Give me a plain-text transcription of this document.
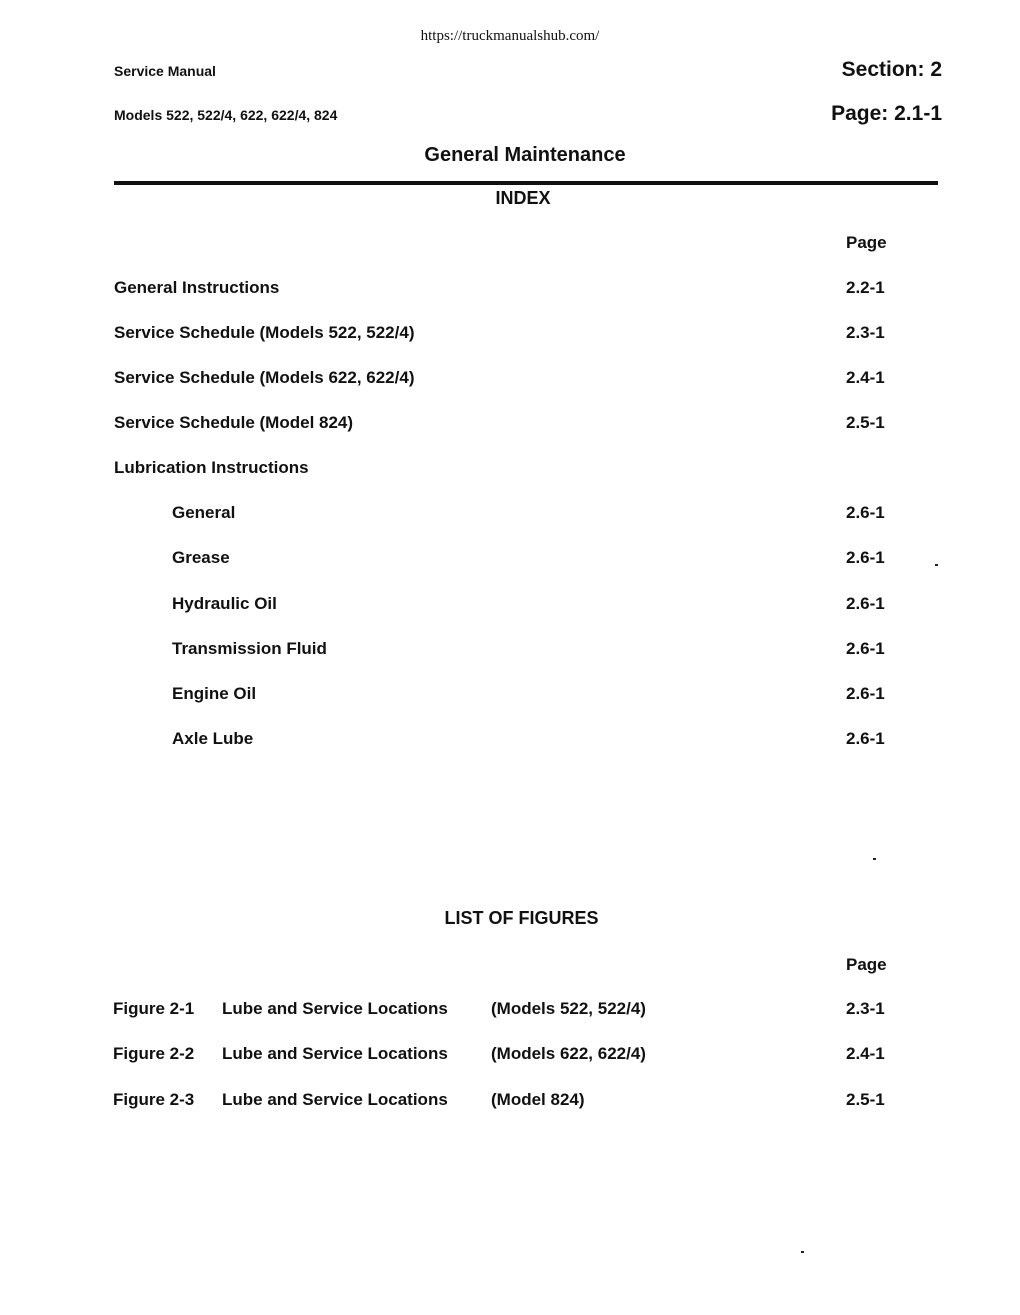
https://truckmanualshub.com/
Service Manual
Models 522, 522/4, 622, 622/4, 824
Section: 2
Page: 2.1-1
General Maintenance
INDEX
Page
General Instructions	2.2-1
Service Schedule (Models 522, 522/4)	2.3-1
Service Schedule (Models 622, 622/4)	2.4-1
Service Schedule (Model 824)	2.5-1
Lubrication Instructions
General	2.6-1
Grease	2.6-1
Hydraulic Oil	2.6-1
Transmission Fluid	2.6-1
Engine Oil	2.6-1
Axle Lube	2.6-1
LIST OF FIGURES
Page
Figure 2-1 Lube and Service Locations	(Models 522, 522/4)	2.3-1
Figure 2-2 Lube and Service Locations	(Models 622, 622/4)	2.4-1
Figure 2-3 Lube and Service Locations	(Model 824)	2.5-1
